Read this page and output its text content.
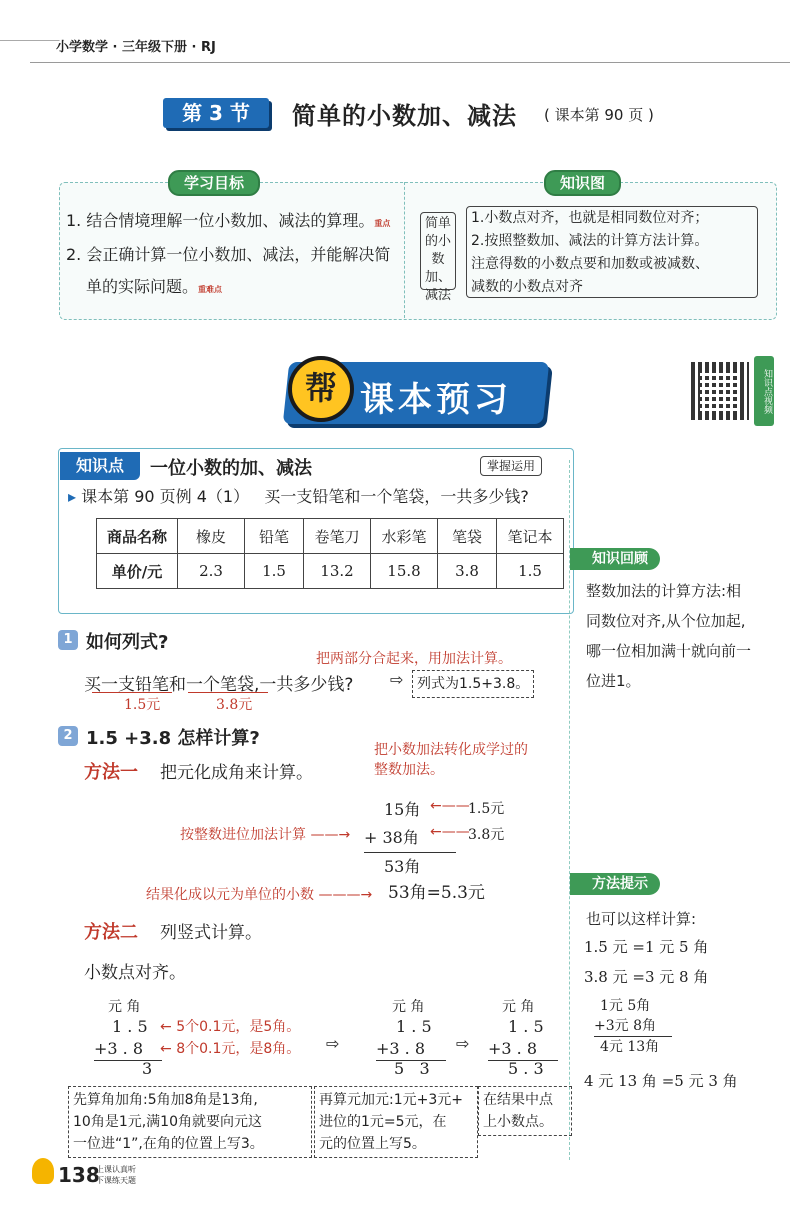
小学数学 · 三年级下册 · RJ
第 3 节	简单的小数加、减法 ( 课本第 90 页 )
学习目标	知识图
1. 结合情境理解一位小数加、减法的算理。重点
2. 会正确计算一位小数加、减法，并能解决简
单的实际问题。重难点
简单
的小
数加、
减法
1.小数点对齐，也就是相同数位对齐；
2.按照整数加、减法的计算方法计算。
注意得数的小数点要和加数或被减数、
减数的小数点对齐
帮 课本预习	知识点视频
知识点	一位小数的加、减法	掌握运用
▸ 课本第 90 页例 4（1） 买一支铅笔和一个笔袋，一共多少钱?
商品名称	橡皮	铅笔	卷笔刀	水彩笔	笔袋	笔记本
单价/元	2.3	1.5	13.2	15.8	3.8	1.5
知识回顾
整数加法的计算方法:相
同数位对齐,从个位加起,
哪一位相加满十就向前一
位进1。
方法提示
也可以这样计算:
1.5 元 =1 元 5 角
3.8 元 =3 元 8 角
1元 5角
+3元 8角
4元 13角
4 元 13 角 =5 元 3 角
1 如何列式?
把两部分合起来，用加法计算。
买一支铅笔和一个笔袋,一共多少钱?
1.5元	3.8元
⇨ 列式为1.5+3.8。
2 1.5 +3.8 怎样计算?
把小数加法转化成学过的
整数加法。
方法一 把元化成角来计算。
15角
+ 38角
53角
←——
1.5元
←——
3.8元
按整数进位加法计算 ——→
结果化成以元为单位的小数 ———→ 53角=5.3元
方法二 列竖式计算。
小数点对齐。
元 角
1 . 5
+3 . 8
3
← 5个0.1元，是5角。
← 8个0.1元，是8角。 ⇨
元 角
1 . 5
+3 . 8
5   3
⇨
元 角
1 . 5
+3 . 8
5 . 3
先算角加角:5角加8角是13角,
10角是1元,满10角就要向元这
一位进“1”,在角的位置上写3。
再算元加元:1元+3元+
进位的1元=5元，在
元的位置上写5。
在结果中点
上小数点。
138
上课认真听
下课练天题
